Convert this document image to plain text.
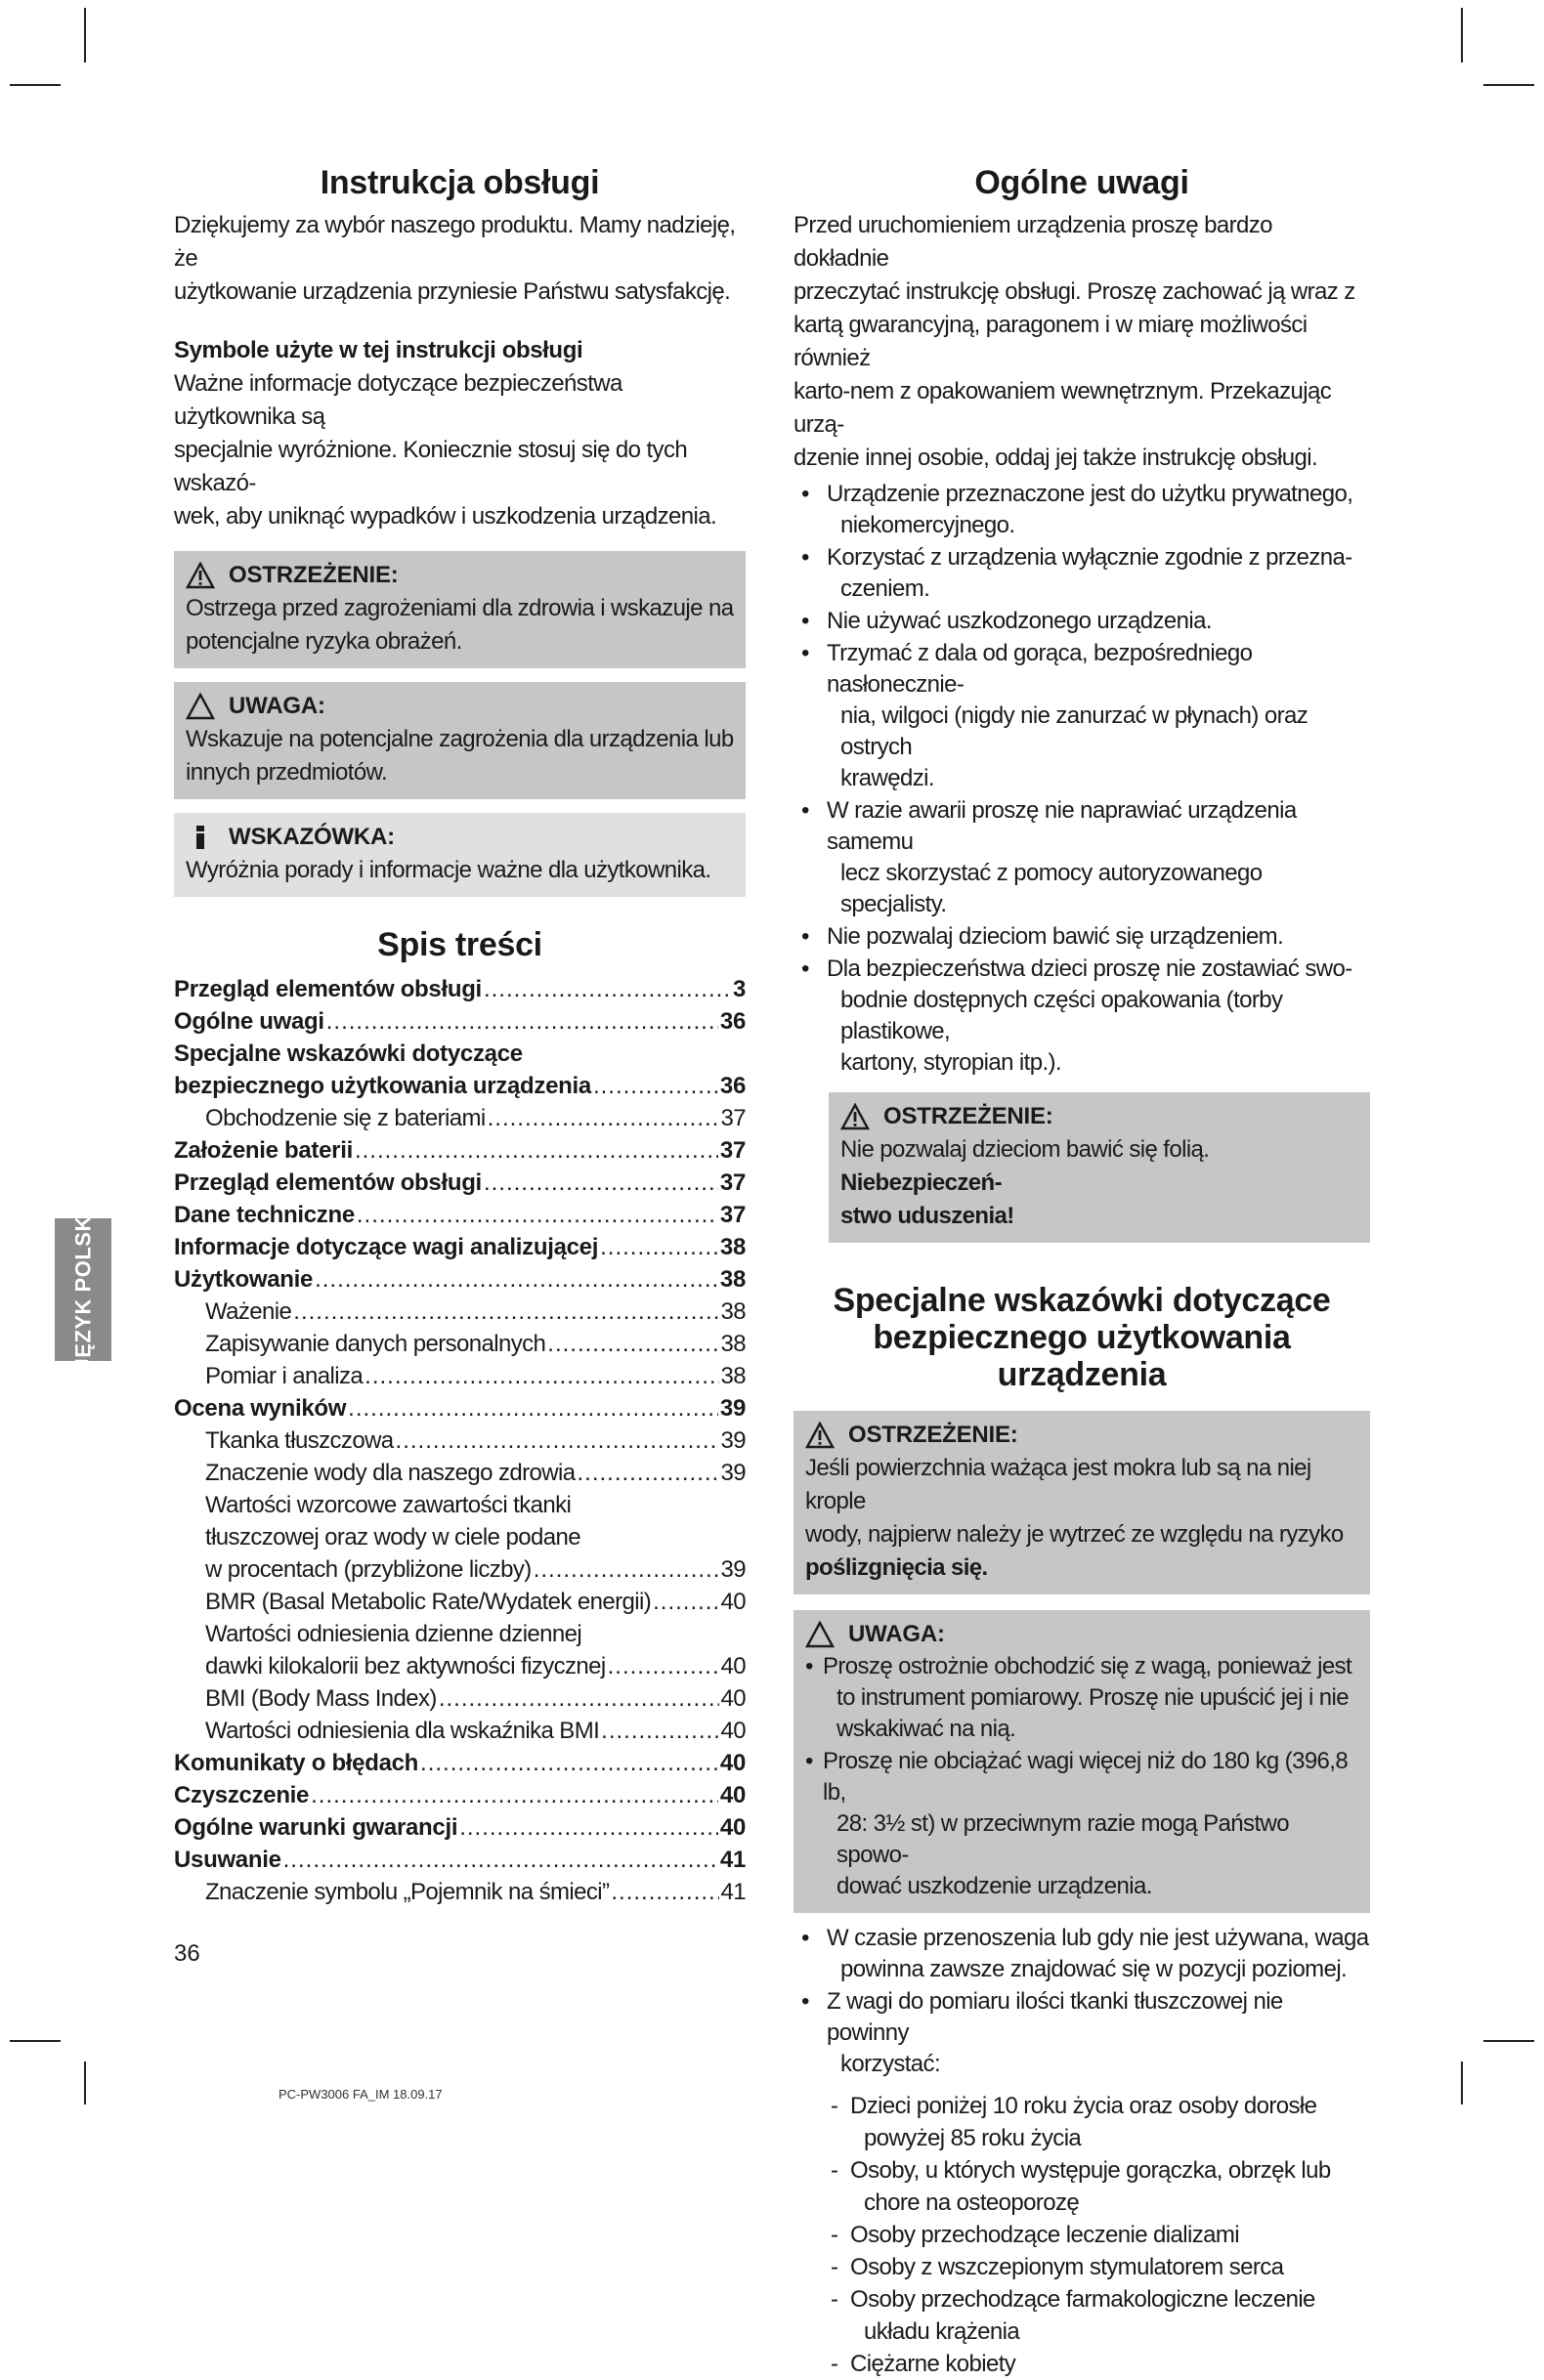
Instrukcja obsługi

Dziękujemy za wybór naszego produktu. Mamy nadzieję, że

użytkowanie urządzenia przyniesie Państwu satysfakcję.

Symbole użyte w tej instrukcji obsługi

Ważne informacje dotyczące bezpieczeństwa użytkownika są

specjalnie wyróżnione. Koniecznie stosuj się do tych wskazó-

wek, aby uniknąć wypadków i uszkodzenia urządzenia.

OSTRZEŻENIE:

Ostrzega przed zagrożeniami dla zdrowia i wskazuje na

potencjalne ryzyka obrażeń.

UWAGA:

Wskazuje na potencjalne zagrożenia dla urządzenia lub

innych przedmiotów.

WSKAZÓWKA:

Wyróżnia porady i informacje ważne dla użytkownika.

Spis treści
Przegląd elementów obsługi .....	3
Ogólne uwagi .....	36
Specjalne wskazówki dotyczące
bezpiecznego użytkowania urządzenia .....	36
Obchodzenie się z bateriami .....	37
Założenie baterii .....	37
Przegląd elementów obsługi .....	37
Dane techniczne .....	37
Informacje dotyczące wagi analizującej .....	38
Użytkowanie .....	38
Ważenie .....	38
Zapisywanie danych personalnych .....	38
Pomiar i analiza .....	38
Ocena wyników .....	39
Tkanka tłuszczowa .....	39
Znaczenie wody dla naszego zdrowia .....	39
Wartości wzorcowe zawartości tkanki
tłuszczowej oraz wody w ciele podane
w procentach (przybliżone liczby) .....	39
BMR (Basal Metabolic Rate/Wydatek energii) .....	40
Wartości odniesienia dzienne dziennej
dawki kilokalorii bez aktywności fizycznej .....	40
BMI (Body Mass Index) .....	40
Wartości odniesienia dla wskaźnika BMI .....	40
Komunikaty o błędach .....	40
Czyszczenie .....	40
Ogólne warunki gwarancji .....	40
Usuwanie .....	41
Znaczenie symbolu „Pojemnik na śmieci” .....	41
Ogólne uwagi

Przed uruchomieniem urządzenia proszę bardzo dokładnie

przeczytać instrukcję obsługi. Proszę zachować ją wraz z

kartą gwarancyjną, paragonem i w miarę możliwości również

karto-nem z opakowaniem wewnętrznym. Przekazując urzą-

dzenie innej osobie, oddaj jej także instrukcję obsługi.

• Urządzenie przeznaczone jest do użytku prywatnego,
niekomercyjnego.
• Korzystać z urządzenia wyłącznie zgodnie z przezna-
czeniem.
• Nie używać uszkodzonego urządzenia.
• Trzymać z dala od gorąca, bezpośredniego nasłonecznie-
nia, wilgoci (nigdy nie zanurzać w płynach) oraz ostrych
krawędzi.
• W razie awarii proszę nie naprawiać urządzenia samemu
lecz skorzystać z pomocy autoryzowanego specjalisty.
• Nie pozwalaj dzieciom bawić się urządzeniem.
• Dla bezpieczeństwa dzieci proszę nie zostawiać swo-
bodnie dostępnych części opakowania (torby plastikowe,
kartony, styropian itp.).
OSTRZEŻENIE:

Nie pozwalaj dzieciom bawić się folią. Niebezpieczeń-

stwo uduszenia!

Specjalne wskazówki dotyczące
bezpiecznego użytkowania urządzenia
OSTRZEŻENIE:

Jeśli powierzchnia ważąca jest mokra lub są na niej krople

wody, najpierw należy je wytrzeć ze względu na ryzyko

poślizgnięcia się.

UWAGA:
• Proszę ostrożnie obchodzić się z wagą, ponieważ jest
to instrument pomiarowy. Proszę nie upuścić jej i nie
wskakiwać na nią.
• Proszę nie obciążać wagi więcej niż do 180 kg (396,8 lb,
28: 3½ st) w przeciwnym razie mogą Państwo spowo-
dować uszkodzenie urządzenia.
• W czasie przenoszenia lub gdy nie jest używana, waga
powinna zawsze znajdować się w pozycji poziomej.
• Z wagi do pomiaru ilości tkanki tłuszczowej nie powinny
korzystać:
- Dzieci poniżej 10 roku życia oraz osoby dorosłe
powyżej 85 roku życia
- Osoby, u których występuje gorączka, obrzęk lub
chore na osteoporozę
- Osoby przechodzące leczenie dializami
- Osoby z wszczepionym stymulatorem serca
- Osoby przechodzące farmakologiczne leczenie
układu krążenia
- Ciężarne kobiety
JĘZYK POLSKI
36
PC-PW3006 FA_IM 18.09.17
